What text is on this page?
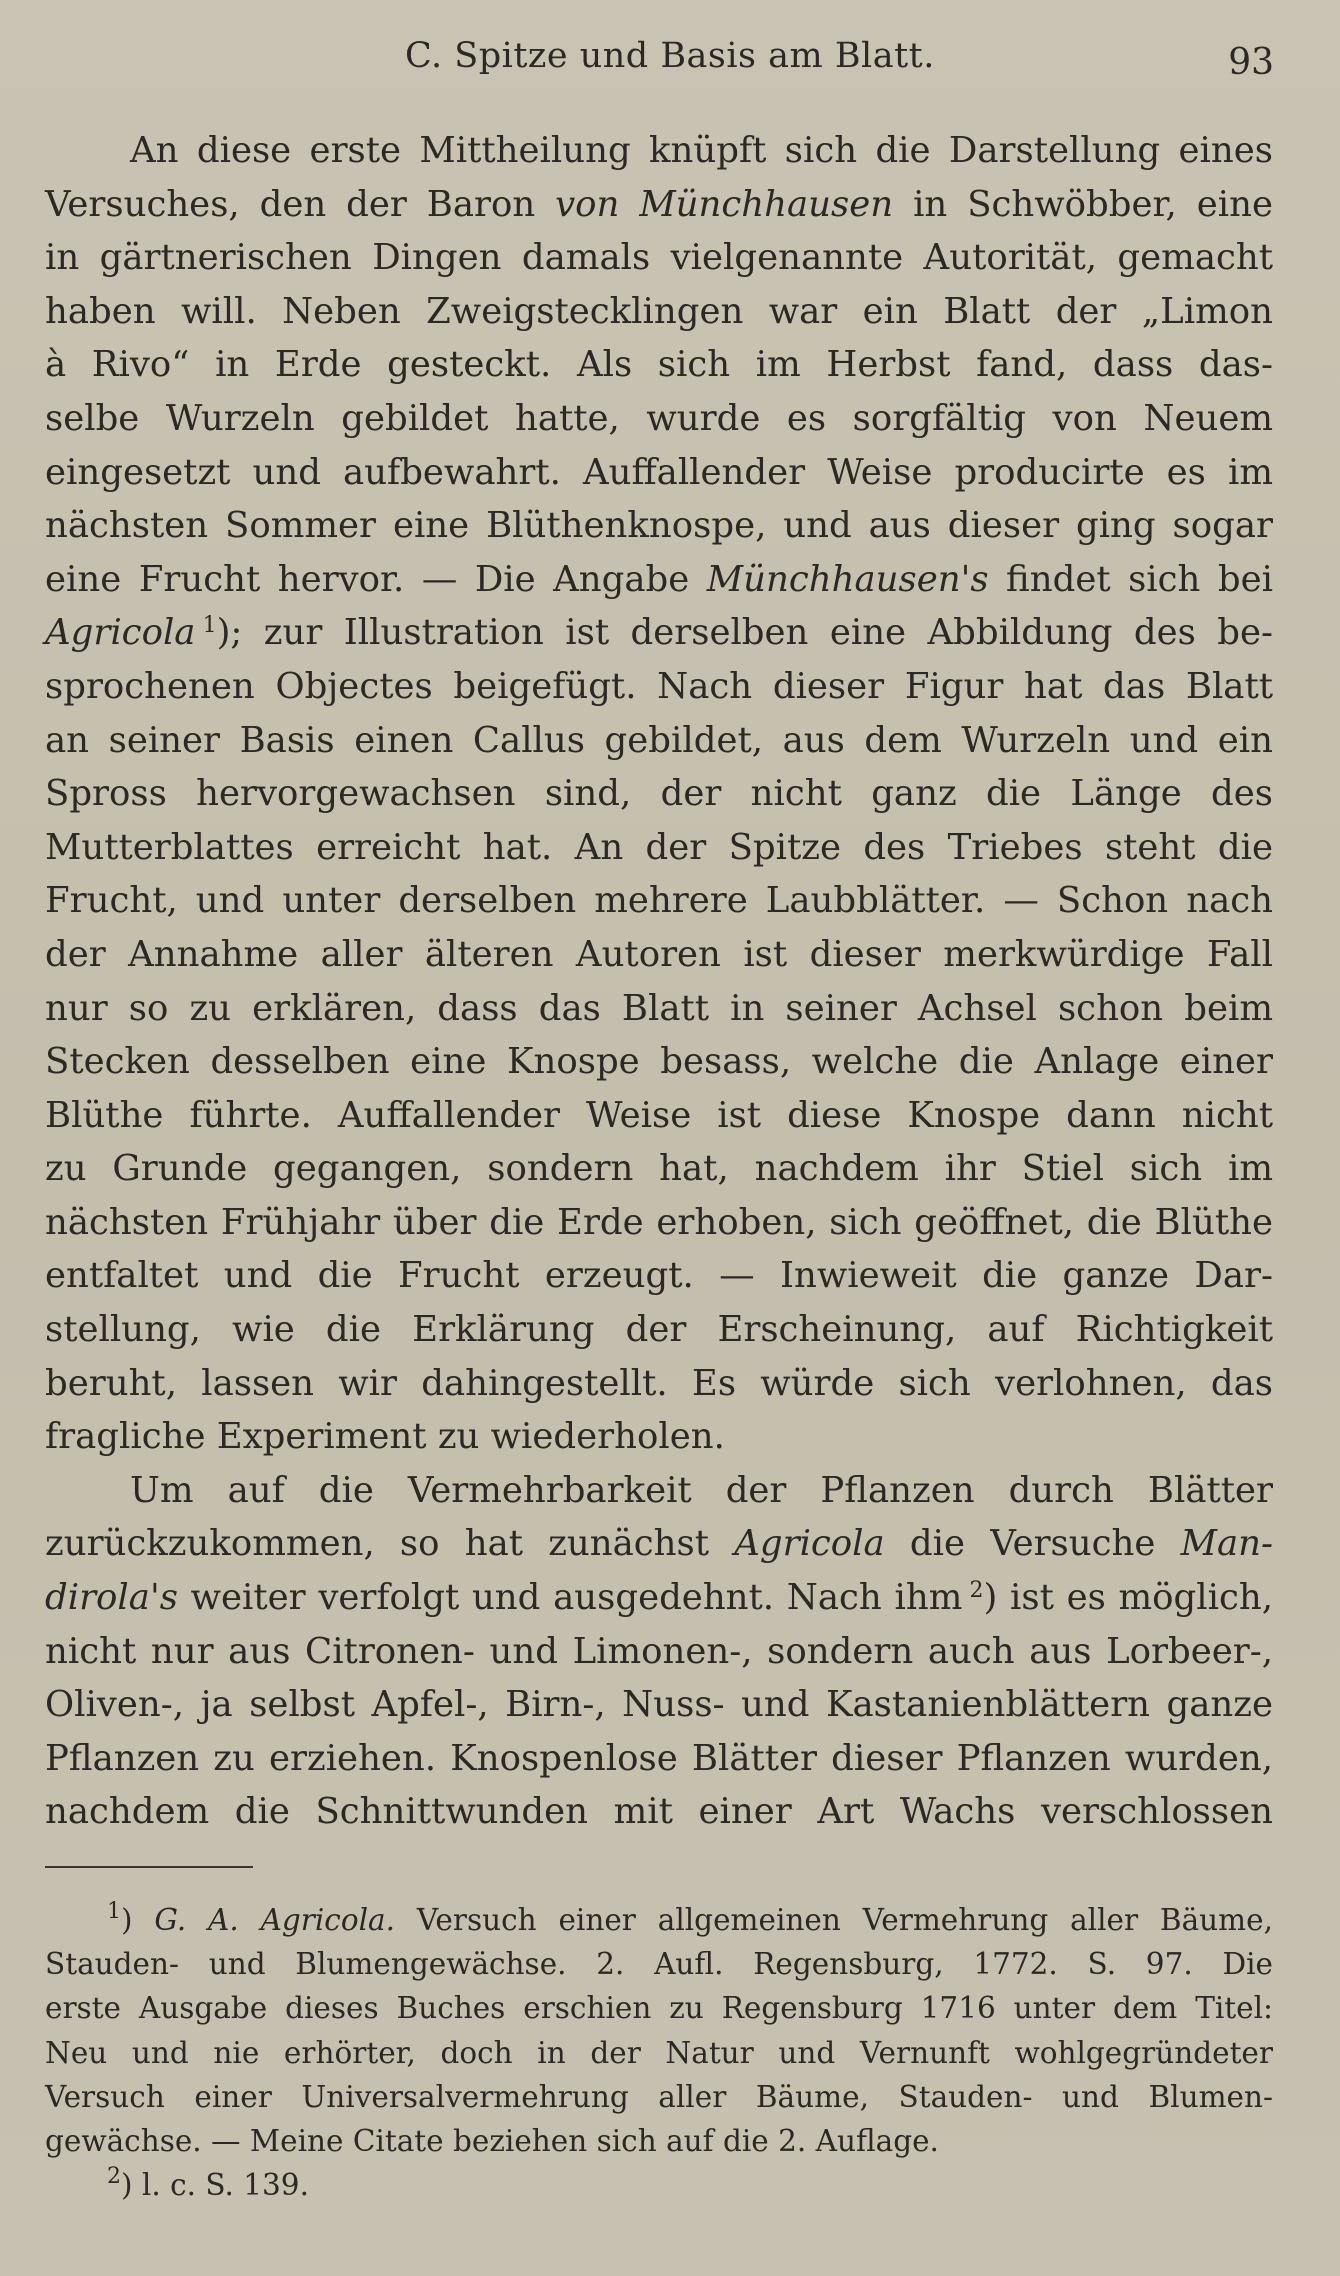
C. Spitze und Basis am Blatt.	93
An diese erste Mittheilung knüpft sich die Darstellung eines
Versuches, den der Baron von Münchhausen in Schwöbber, eine
in gärtnerischen Dingen damals vielgenannte Autorität, gemacht
haben will. Neben Zweigstecklingen war ein Blatt der „Limon
à Rivo“ in Erde gesteckt. Als sich im Herbst fand, dass das-
selbe Wurzeln gebildet hatte, wurde es sorgfältig von Neuem
eingesetzt und aufbewahrt. Auffallender Weise producirte es im
nächsten Sommer eine Blüthenknospe, und aus dieser ging sogar
eine Frucht hervor. — Die Angabe Münchhausen's findet sich bei
Agricola  $^1$); zur Illustration ist derselben eine Abbildung des be-
sprochenen Objectes beigefügt. Nach dieser Figur hat das Blatt
an seiner Basis einen Callus gebildet, aus dem Wurzeln und ein
Spross hervorgewachsen sind, der nicht ganz die Länge des
Mutterblattes erreicht hat. An der Spitze des Triebes steht die
Frucht, und unter derselben mehrere Laubblätter. — Schon nach
der Annahme aller älteren Autoren ist dieser merkwürdige Fall
nur so zu erklären, dass das Blatt in seiner Achsel schon beim
Stecken desselben eine Knospe besass, welche die Anlage einer
Blüthe führte. Auffallender Weise ist diese Knospe dann nicht
zu Grunde gegangen, sondern hat, nachdem ihr Stiel sich im
nächsten Frühjahr über die Erde erhoben, sich geöffnet, die Blüthe
entfaltet und die Frucht erzeugt. — Inwieweit die ganze Dar-
stellung, wie die Erklärung der Erscheinung, auf Richtigkeit
beruht, lassen wir dahingestellt. Es würde sich verlohnen, das
fragliche Experiment zu wiederholen.
Um auf die Vermehrbarkeit der Pflanzen durch Blätter
zurückzukommen, so hat zunächst Agricola die Versuche Man-
dirola's weiter verfolgt und ausgedehnt. Nach ihm  $^2$) ist es möglich,
nicht nur aus Citronen- und Limonen-, sondern auch aus Lorbeer-,
Oliven-, ja selbst Apfel-, Birn-, Nuss- und Kastanienblättern ganze
Pflanzen zu erziehen. Knospenlose Blätter dieser Pflanzen wurden,
nachdem die Schnittwunden mit einer Art Wachs verschlossen
$^1$) G. A. Agricola. Versuch einer allgemeinen Vermehrung aller Bäume,
Stauden- und Blumengewächse. 2. Aufl. Regensburg, 1772. S. 97. Die
erste Ausgabe dieses Buches erschien zu Regensburg 1716 unter dem Titel:
Neu und nie erhörter, doch in der Natur und Vernunft wohlgegründeter
Versuch einer Universalvermehrung aller Bäume, Stauden- und Blumen-
gewächse. — Meine Citate beziehen sich auf die 2. Auflage.
$^2$) l. c. S. 139.
